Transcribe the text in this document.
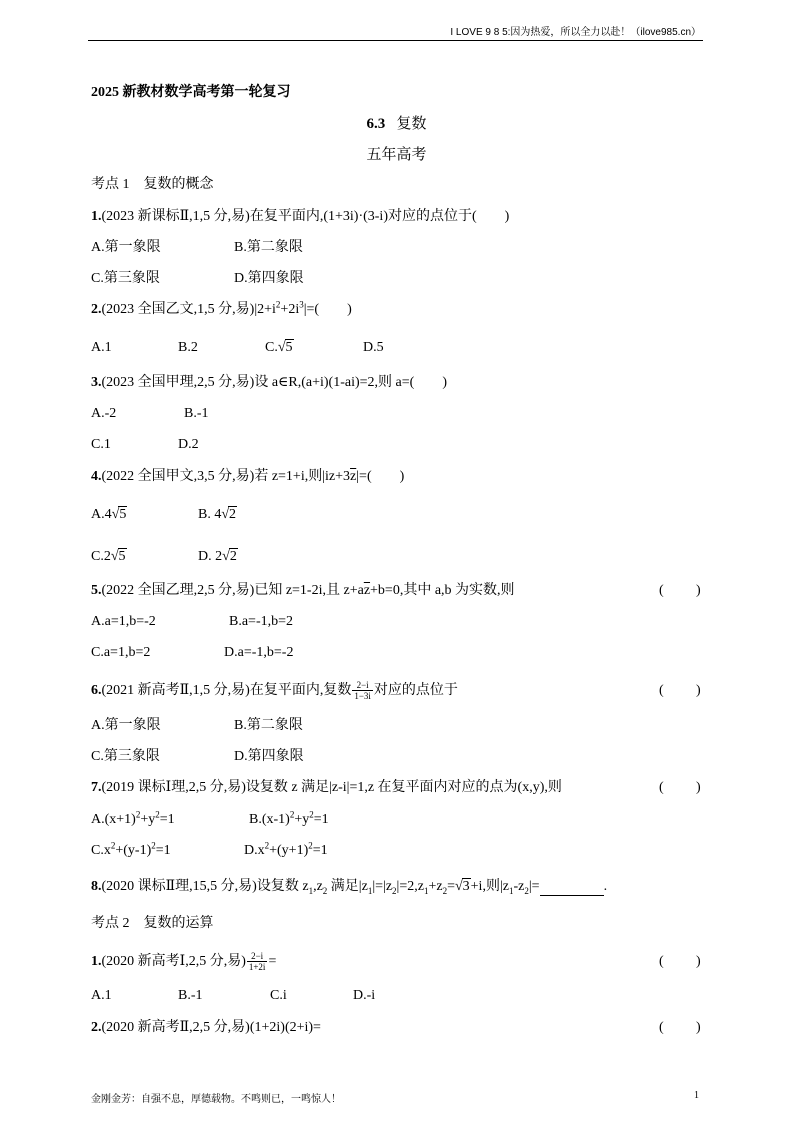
I LOVE 9 8 5:因为热爱，所以全力以赴！（ilove985.cn）
2025 新教材数学高考第一轮复习
6.3 复数
五年高考
考点 1　复数的概念
1.(2023 新课标Ⅱ,1,5 分,易)在复平面内,(1+3i)·(3-i)对应的点位于(　　)
A.第一象限	B.第二象限
C.第三象限	D.第四象限
2.(2023 全国乙文,1,5 分,易)$|2+i^2+2i^3|=$(　　)
A.1	B.2	C.√5	D.5
3.(2023 全国甲理,2,5 分,易)设 a∈R,(a+i)(1-ai)=2,则 a=(　　)
A.-2	B.-1
C.1	D.2
4.(2022 全国甲文,3,5 分,易)若 z=1+i,则$|iz+3\overline{z}|=$(　　)
A.4√5	B. 4√2
C.2√5	D. 2√2
5.(2022 全国乙理,2,5 分,易)已知 z=1-2i,且 $z+a\overline{z}+b=0$,其中 a,b 为实数,则	( )
A.a=1,b=-2	B.a=-1,b=2
C.a=1,b=2	D.a=-1,b=-2
6.(2021 新高考Ⅱ,1,5 分,易)在复平面内,复数 $\frac{2-i}{1-3i}$ 对应的点位于	( )
A.第一象限	B.第二象限
C.第三象限	D.第四象限
7.(2019 课标Ⅰ理,2,5 分,易)设复数 z 满足|z-i|=1,z 在复平面内对应的点为(x,y),则	( )
$A.(x+1)^2+y^2=1$	$B.(x-1)^2+y^2=1$
$C.x^2+(y-1)^2=1$	$D.x^2+(y+1)^2=1$
8.(2020 课标Ⅱ理,15,5 分,易)设复数 $z_1,z_2$ 满足$|z_1|=|z_2|=2,z_1+z_2=√3+i$,则$|z_1-z_2|=$	.
考点 2　复数的运算
1.(2020 新高考Ⅰ,2,5 分,易) $\frac{2-i}{1+2i}$ =	( )
A.1	B.-1	C.i	D.-i
2.(2020 新高考Ⅱ,2,5 分,易)(1+2i)(2+i)=	( )
金刚金芳：自强不息，厚德载物。不鸣则已，一鸣惊人！	1
